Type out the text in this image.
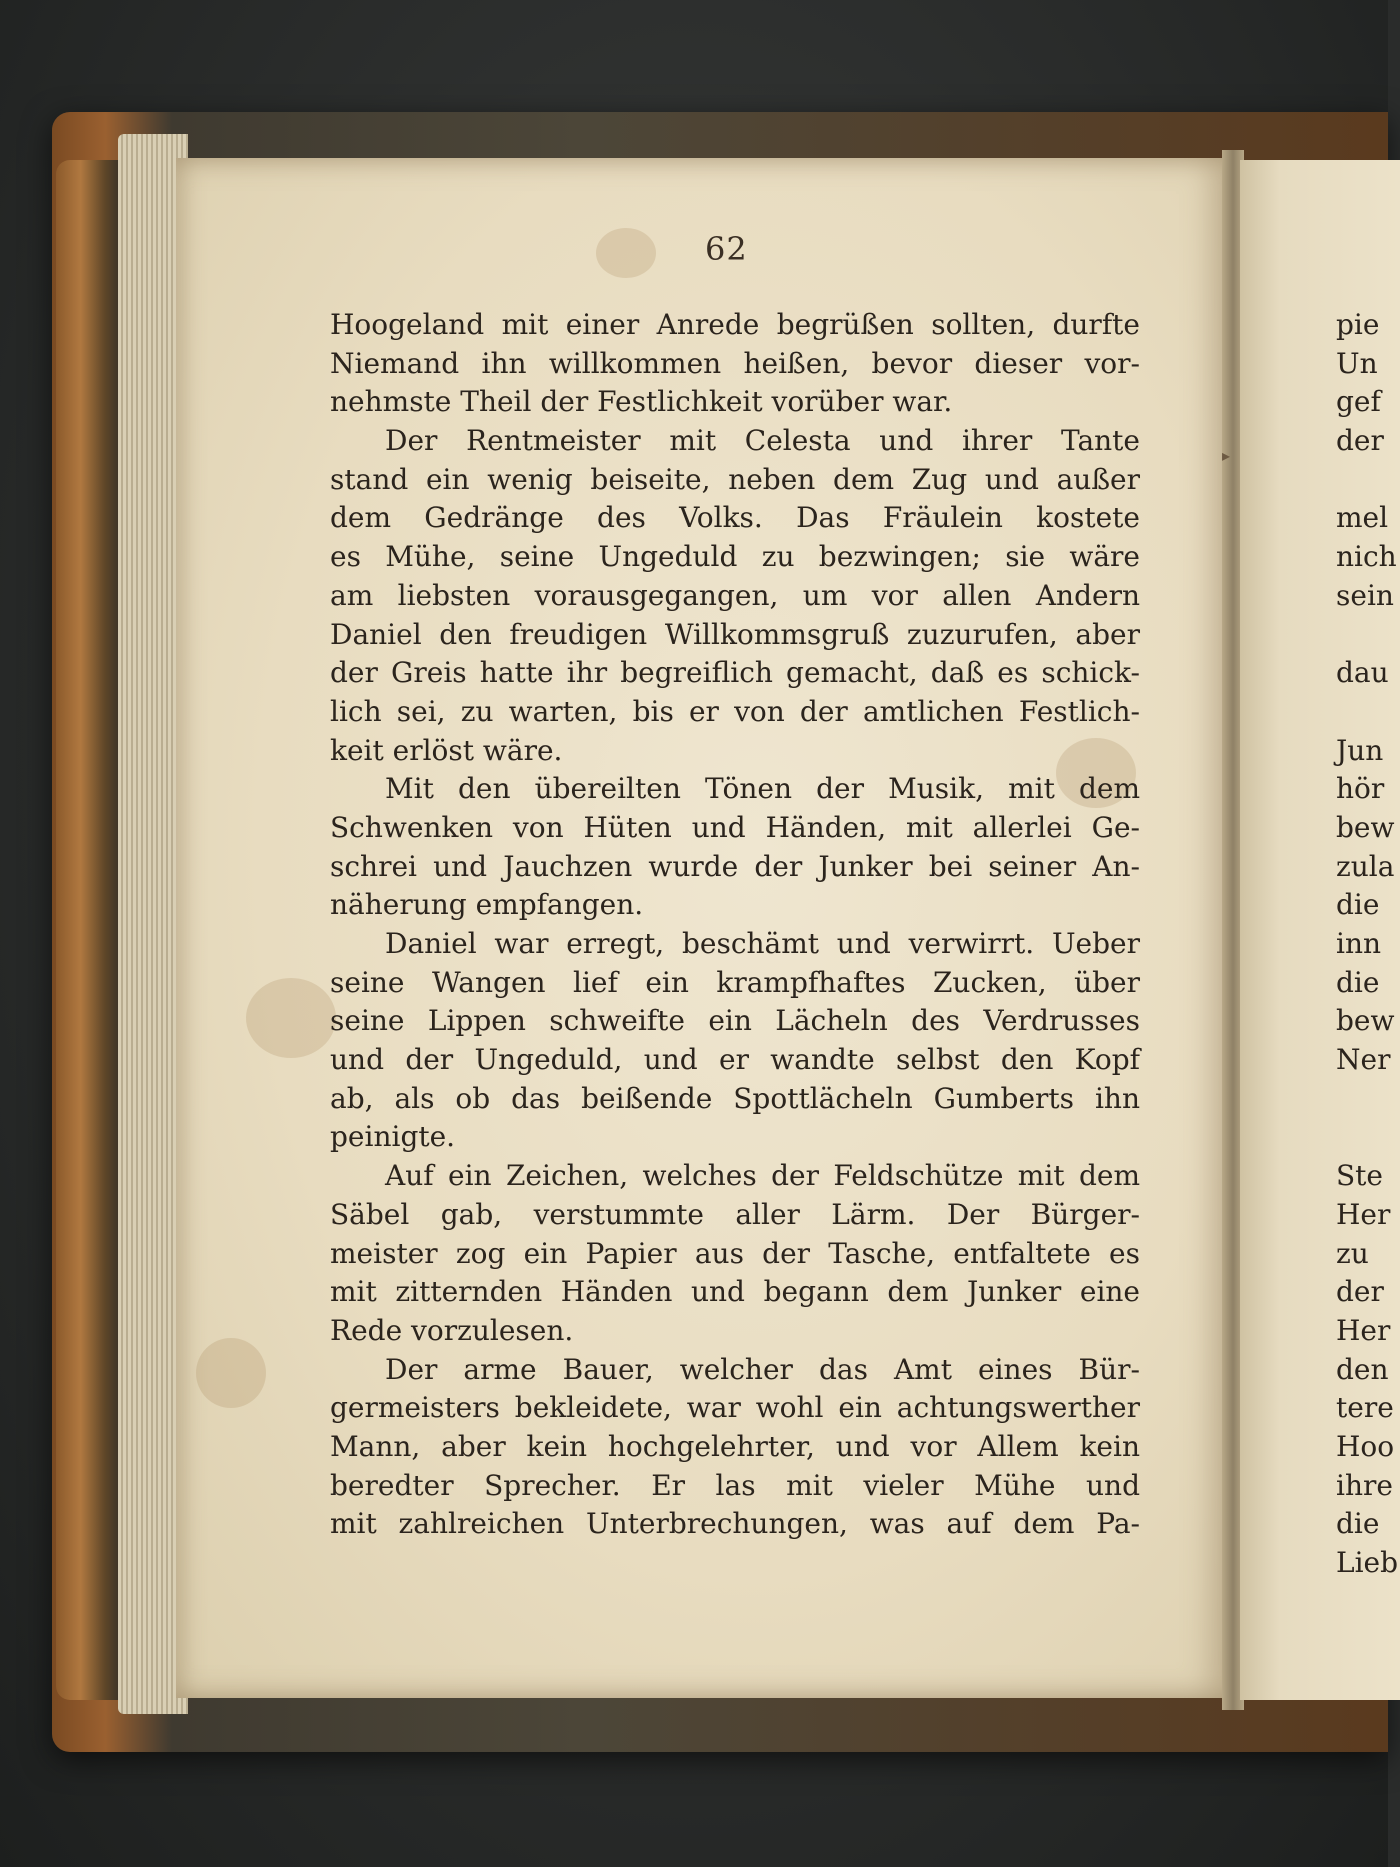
62
Hoogeland mit einer Anrede begrüßen sollten, durfte
Niemand ihn willkommen heißen, bevor dieser vor-
nehmste Theil der Festlichkeit vorüber war.
Der Rentmeister mit Celesta und ihrer Tante
stand ein wenig beiseite, neben dem Zug und außer
dem Gedränge des Volks. Das Fräulein kostete
es Mühe, seine Ungeduld zu bezwingen; sie wäre
am liebsten vorausgegangen, um vor allen Andern
Daniel den freudigen Willkommsgruß zuzurufen, aber
der Greis hatte ihr begreiflich gemacht, daß es schick-
lich sei, zu warten, bis er von der amtlichen Festlich-
keit erlöst wäre.
Mit den übereilten Tönen der Musik, mit dem
Schwenken von Hüten und Händen, mit allerlei Ge-
schrei und Jauchzen wurde der Junker bei seiner An-
näherung empfangen.
Daniel war erregt, beschämt und verwirrt. Ueber
seine Wangen lief ein krampfhaftes Zucken, über
seine Lippen schweifte ein Lächeln des Verdrusses
und der Ungeduld, und er wandte selbst den Kopf
ab, als ob das beißende Spottlächeln Gumberts ihn
peinigte.
Auf ein Zeichen, welches der Feldschütze mit dem
Säbel gab, verstummte aller Lärm. Der Bürger-
meister zog ein Papier aus der Tasche, entfaltete es
mit zitternden Händen und begann dem Junker eine
Rede vorzulesen.
Der arme Bauer, welcher das Amt eines Bür-
germeisters bekleidete, war wohl ein achtungswerther
Mann, aber kein hochgelehrter, und vor Allem kein
beredter Sprecher. Er las mit vieler Mühe und
mit zahlreichen Unterbrechungen, was auf dem Pa-
▸
pie
Un
gef
der
mel
nich
sein
dau
Jun
hör
bew
zula
die
inn
die
bew
Ner
Ste
Her
zu
der
Her
den
tere
Hoo
ihre
die
Lieb
